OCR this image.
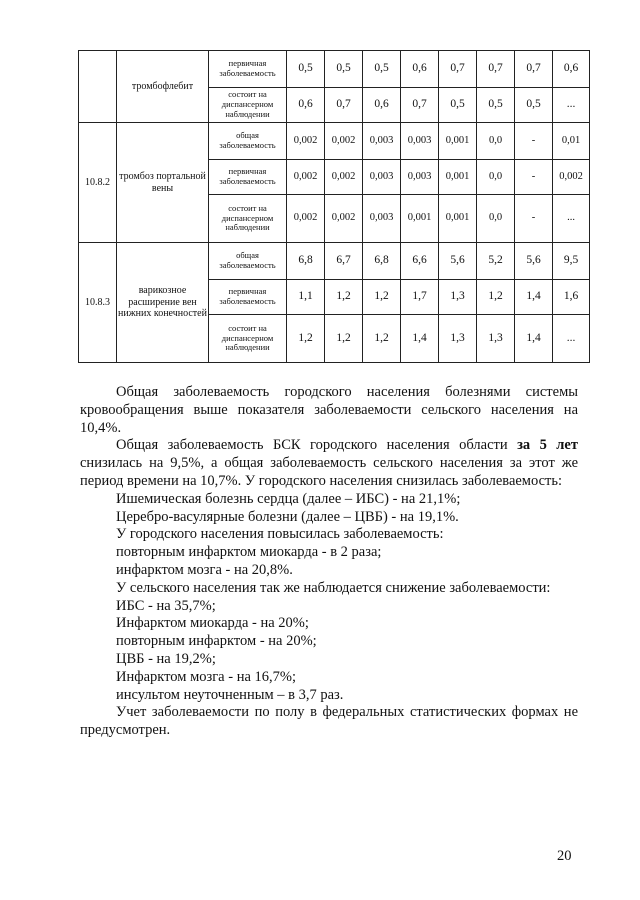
	тромбофлебит	первичная заболеваемость	0,5	0,5	0,5	0,6	0,7	0,7	0,7	0,6
		состоит на диспансерном наблюдении	0,6	0,7	0,6	0,7	0,5	0,5	0,5	...
10.8.2	тромбоз портальной вены	общая заболеваемость	0,002	0,002	0,003	0,003	0,001	0,0	-	0,01
		первичная заболеваемость	0,002	0,002	0,003	0,003	0,001	0,0	-	0,002
		состоит на диспансерном наблюдении	0,002	0,002	0,003	0,001	0,001	0,0	-	...
10.8.3	варикозное расширение вен нижних конечностей	общая заболеваемость	6,8	6,7	6,8	6,6	5,6	5,2	5,6	9,5
		первичная заболеваемость	1,1	1,2	1,2	1,7	1,3	1,2	1,4	1,6
		состоит на диспансерном наблюдении	1,2	1,2	1,2	1,4	1,3	1,3	1,4	...

Общая заболеваемость городского населения болезнями системы кровообращения выше показателя заболеваемости сельского населения на 10,4%.

Общая заболеваемость БСК городского населения области за 5 лет снизилась на 9,5%, а общая заболеваемость сельского населения за этот же период времени на 10,7%. У городского населения снизилась заболеваемость:

Ишемическая болезнь сердца (далее – ИБС) - на 21,1%;

Церебро-васулярные болезни (далее – ЦВБ) - на 19,1%.

У городского населения повысилась заболеваемость:

повторным инфарктом миокарда - в 2 раза;

инфарктом мозга - на 20,8%.

У сельского населения так же наблюдается снижение заболеваемости:

ИБС - на 35,7%;

Инфарктом миокарда - на 20%;

повторным инфарктом - на 20%;

ЦВБ - на 19,2%;

Инфарктом мозга - на 16,7%;

инсультом неуточненным – в 3,7 раз.

Учет заболеваемости по полу в федеральных статистических формах не предусмотрен.

20
